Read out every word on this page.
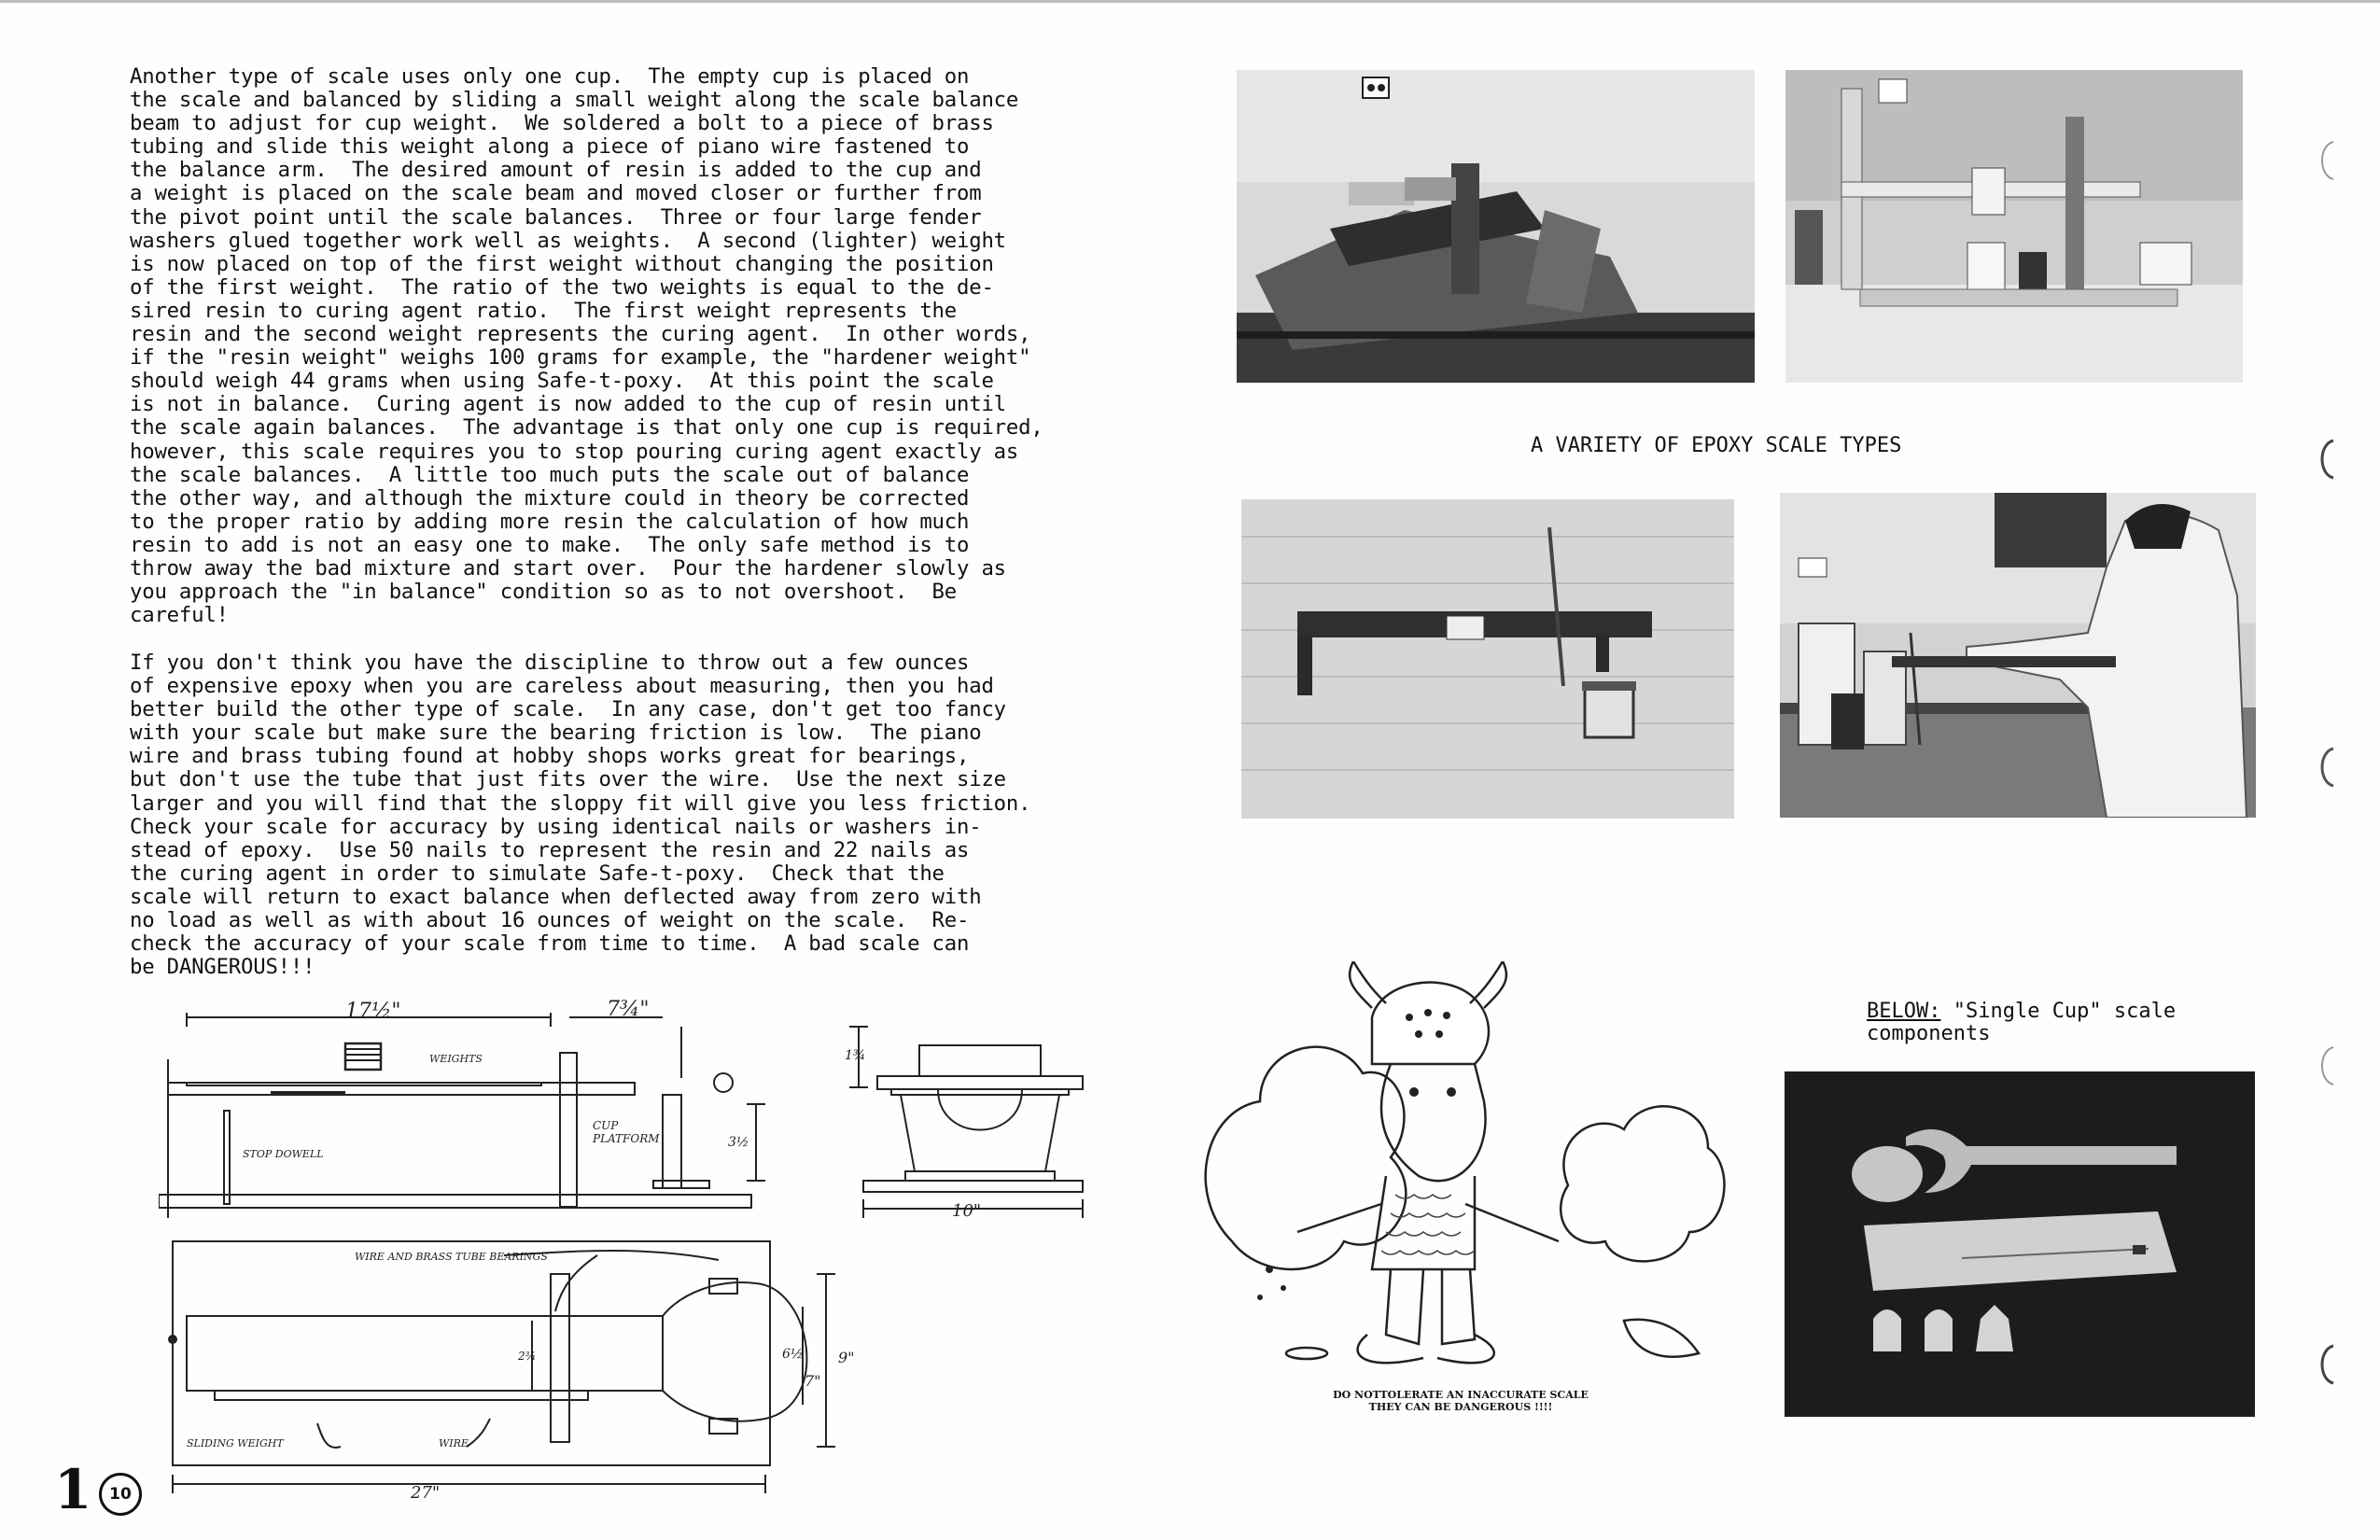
Another type of scale uses only one cup.  The empty cup is placed on
the scale and balanced by sliding a small weight along the scale balance
beam to adjust for cup weight.  We soldered a bolt to a piece of brass
tubing and slide this weight along a piece of piano wire fastened to
the balance arm.  The desired amount of resin is added to the cup and
a weight is placed on the scale beam and moved closer or further from
the pivot point until the scale balances.  Three or four large fender
washers glued together work well as weights.  A second (lighter) weight
is now placed on top of the first weight without changing the position
of the first weight.  The ratio of the two weights is equal to the de-
sired resin to curing agent ratio.  The first weight represents the
resin and the second weight represents the curing agent.  In other words,
if the "resin weight" weighs 100 grams for example, the "hardener weight"
should weigh 44 grams when using Safe-t-poxy.  At this point the scale
is not in balance.  Curing agent is now added to the cup of resin until
the scale again balances.  The advantage is that only one cup is required,
however, this scale requires you to stop pouring curing agent exactly as
the scale balances.  A little too much puts the scale out of balance
the other way, and although the mixture could in theory be corrected
to the proper ratio by adding more resin the calculation of how much
resin to add is not an easy one to make.  The only safe method is to
throw away the bad mixture and start over.  Pour the hardener slowly as
you approach the "in balance" condition so as to not overshoot.  Be
careful!
If you don't think you have the discipline to throw out a few ounces
of expensive epoxy when you are careless about measuring, then you had
better build the other type of scale.  In any case, don't get too fancy
with your scale but make sure the bearing friction is low.  The piano
wire and brass tubing found at hobby shops works great for bearings,
but don't use the tube that just fits over the wire.  Use the next size
larger and you will find that the sloppy fit will give you less friction.
Check your scale for accuracy by using identical nails or washers in-
stead of epoxy.  Use 50 nails to represent the resin and 22 nails as
the curing agent in order to simulate Safe-t-poxy.  Check that the
scale will return to exact balance when deflected away from zero with
no load as well as with about 16 ounces of weight on the scale.  Re-
check the accuracy of your scale from time to time.  A bad scale can
be DANGEROUS!!!
A VARIETY OF EPOXY SCALE TYPES
DO NOTTOLERATE AN INACCURATE SCALE
THEY CAN BE DANGEROUS !!!!
BELOW: "Single Cup" scale
components
17½"	7¾"
WEIGHTS
STOP DOWELL
CUP PLATFORM	3½
1¾
10"
WIRE AND BRASS TUBE BEARINGS
2¾	6½
7"
9"
SLIDING WEIGHT	WIRE
27"
1	10
